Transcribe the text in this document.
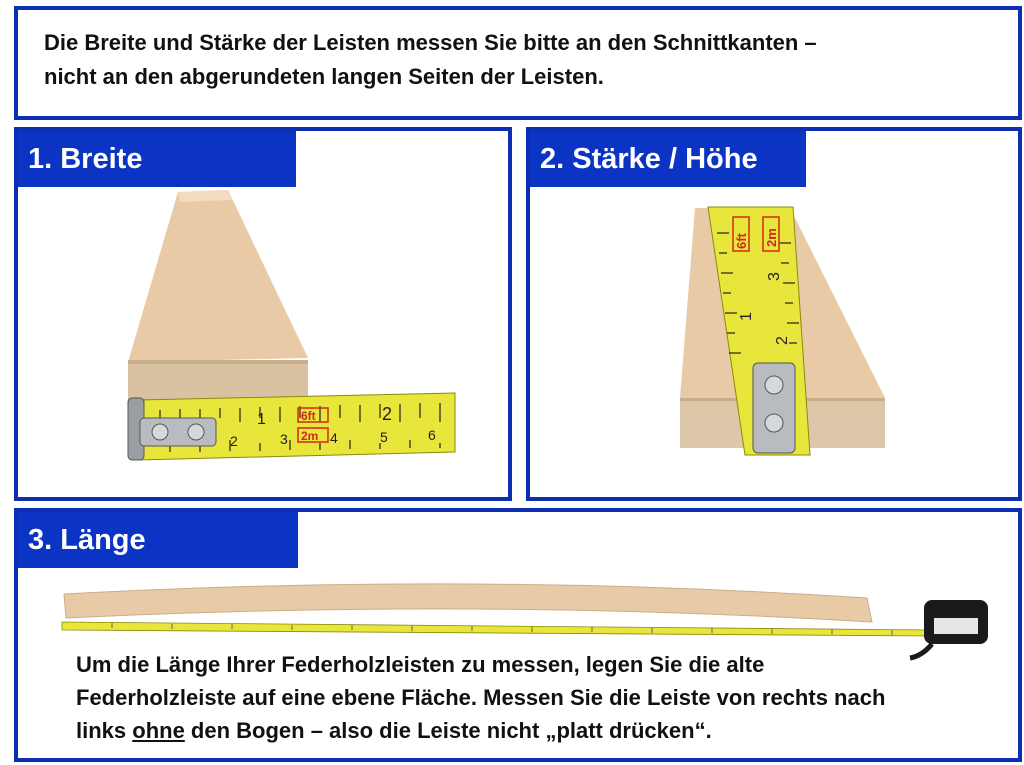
Die Breite und Stärke der Leisten messen Sie bitte an den Schnittkanten –
nicht an den abgerundeten langen Seiten der Leisten.
1. Breite
1	2
6ft
2m
2	3	4	5	6
2. Stärke / Höhe
6ft 2m
1
2
3
3. Länge
Um die Länge Ihrer Federholzleisten zu messen, legen Sie die alte
Federholzleiste auf eine ebene Fläche. Messen Sie die Leiste von rechts nach
links ohne den Bogen – also die Leiste nicht „platt drücken“.
